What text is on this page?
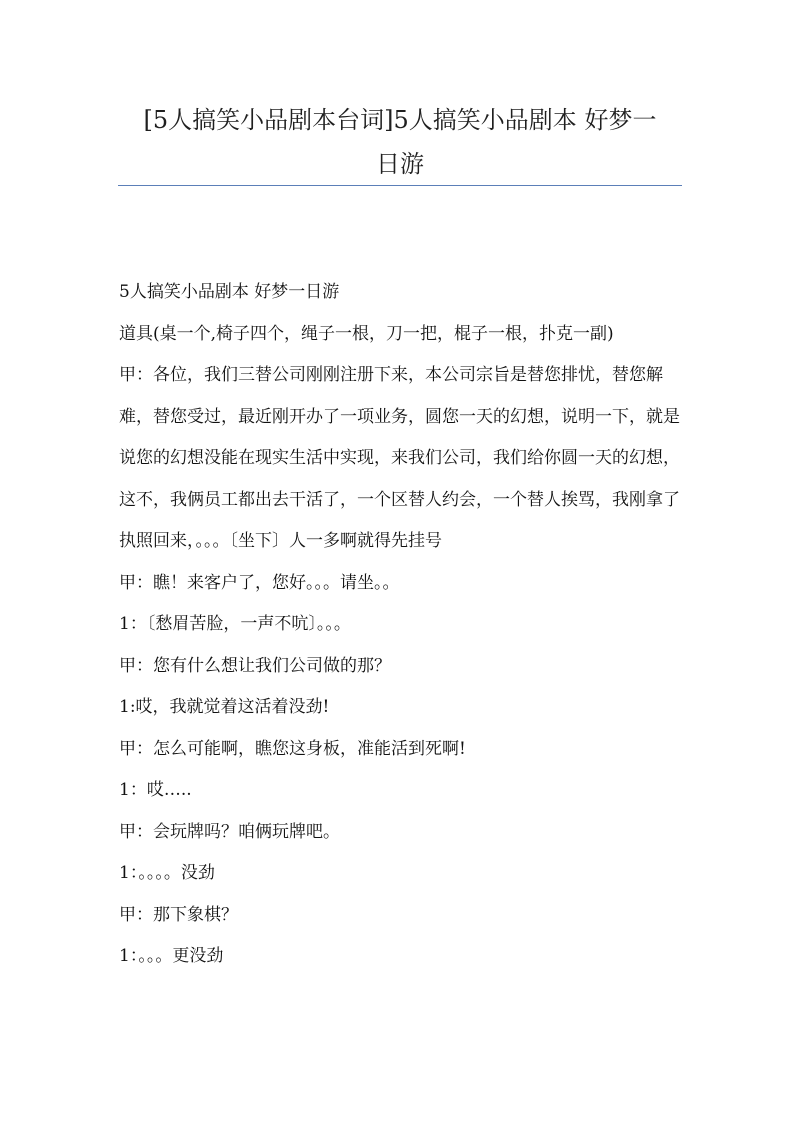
[5人搞笑小品剧本台词]5人搞笑小品剧本 好梦一
日游

5人搞笑小品剧本 好梦一日游

道具(桌一个,椅子四个，绳子一根，刀一把，棍子一根，扑克一副)

甲：各位，我们三替公司刚刚注册下来，本公司宗旨是替您排忧，替您解难，替您受过，最近刚开办了一项业务，圆您一天的幻想，说明一下，就是说您的幻想没能在现实生活中实现，来我们公司，我们给你圆一天的幻想，这不，我俩员工都出去干活了，一个区替人约会，一个替人挨骂，我刚拿了执照回来，。。。〔坐下〕人一多啊就得先挂号

甲：瞧！来客户了，您好。。。请坐。。

1：〔愁眉苦脸，一声不吭〕。。。

甲：您有什么想让我们公司做的那？

1:哎，我就觉着这活着没劲!

甲：怎么可能啊，瞧您这身板，准能活到死啊!

1：哎…..

甲：会玩牌吗？咱俩玩牌吧。

1：。。。。没劲

甲：那下象棋？

1：。。。更没劲
